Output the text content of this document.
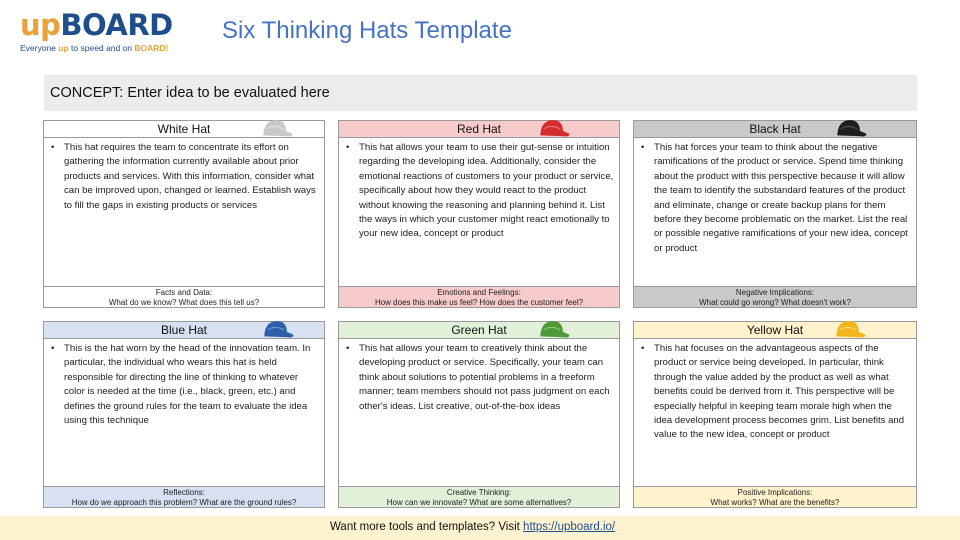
upBOARD
Everyone up to speed and on BOARD!
Six Thinking Hats Template
CONCEPT: Enter idea to be evaluated here
White Hat
•	This hat requires the team to concentrate its effort on gathering the information currently available about prior products and services. With this information, consider what can be improved upon, changed or learned. Establish ways to fill the gaps in existing products or services
Facts and Data:
What do we know? What does this tell us?
Red Hat
•	This hat allows your team to use their gut-sense or intuition regarding the developing idea. Additionally, consider the emotional reactions of customers to your product or service, specifically about how they would react to the product without knowing the reasoning and planning behind it. List the ways in which your customer might react emotionally to your new idea, concept or product
Emotions and Feelings:
How does this make us feel? How does the customer feel?
Black Hat
•	This hat forces your team to think about the negative ramifications of the product or service. Spend time thinking about the product with this perspective because it will allow the team to identify the substandard features of the product and eliminate, change or create backup plans for them before they become problematic on the market. List the real or possible negative ramifications of your new idea, concept or product
Negative Implications:
What could go wrong? What doesn't work?
Blue Hat
•	This is the hat worn by the head of the innovation team. In particular, the individual who wears this hat is held responsible for directing the line of thinking to whatever color is needed at the time (i.e., black, green, etc.) and defines the ground rules for the team to evaluate the idea using this technique
Reflections:
How do we approach this problem? What are the ground rules?
Green Hat
•	This hat allows your team to creatively think about the developing product or service. Specifically, your team can think about solutions to potential problems in a freeform manner; team members should not pass judgment on each other's ideas. List creative, out-of-the-box ideas
Creative Thinking:
How can we innovate? What are some alternatives?
Yellow Hat
•	This hat focuses on the advantageous aspects of the product or service being developed. In particular, think through the value added by the product as well as what benefits could be derived from it. This perspective will be especially helpful in keeping team morale high when the idea development process becomes grim. List benefits and value to the new idea, concept or product
Positive Implications:
What works? What are the benefits?
Want more tools and templates? Visit https://upboard.io/
